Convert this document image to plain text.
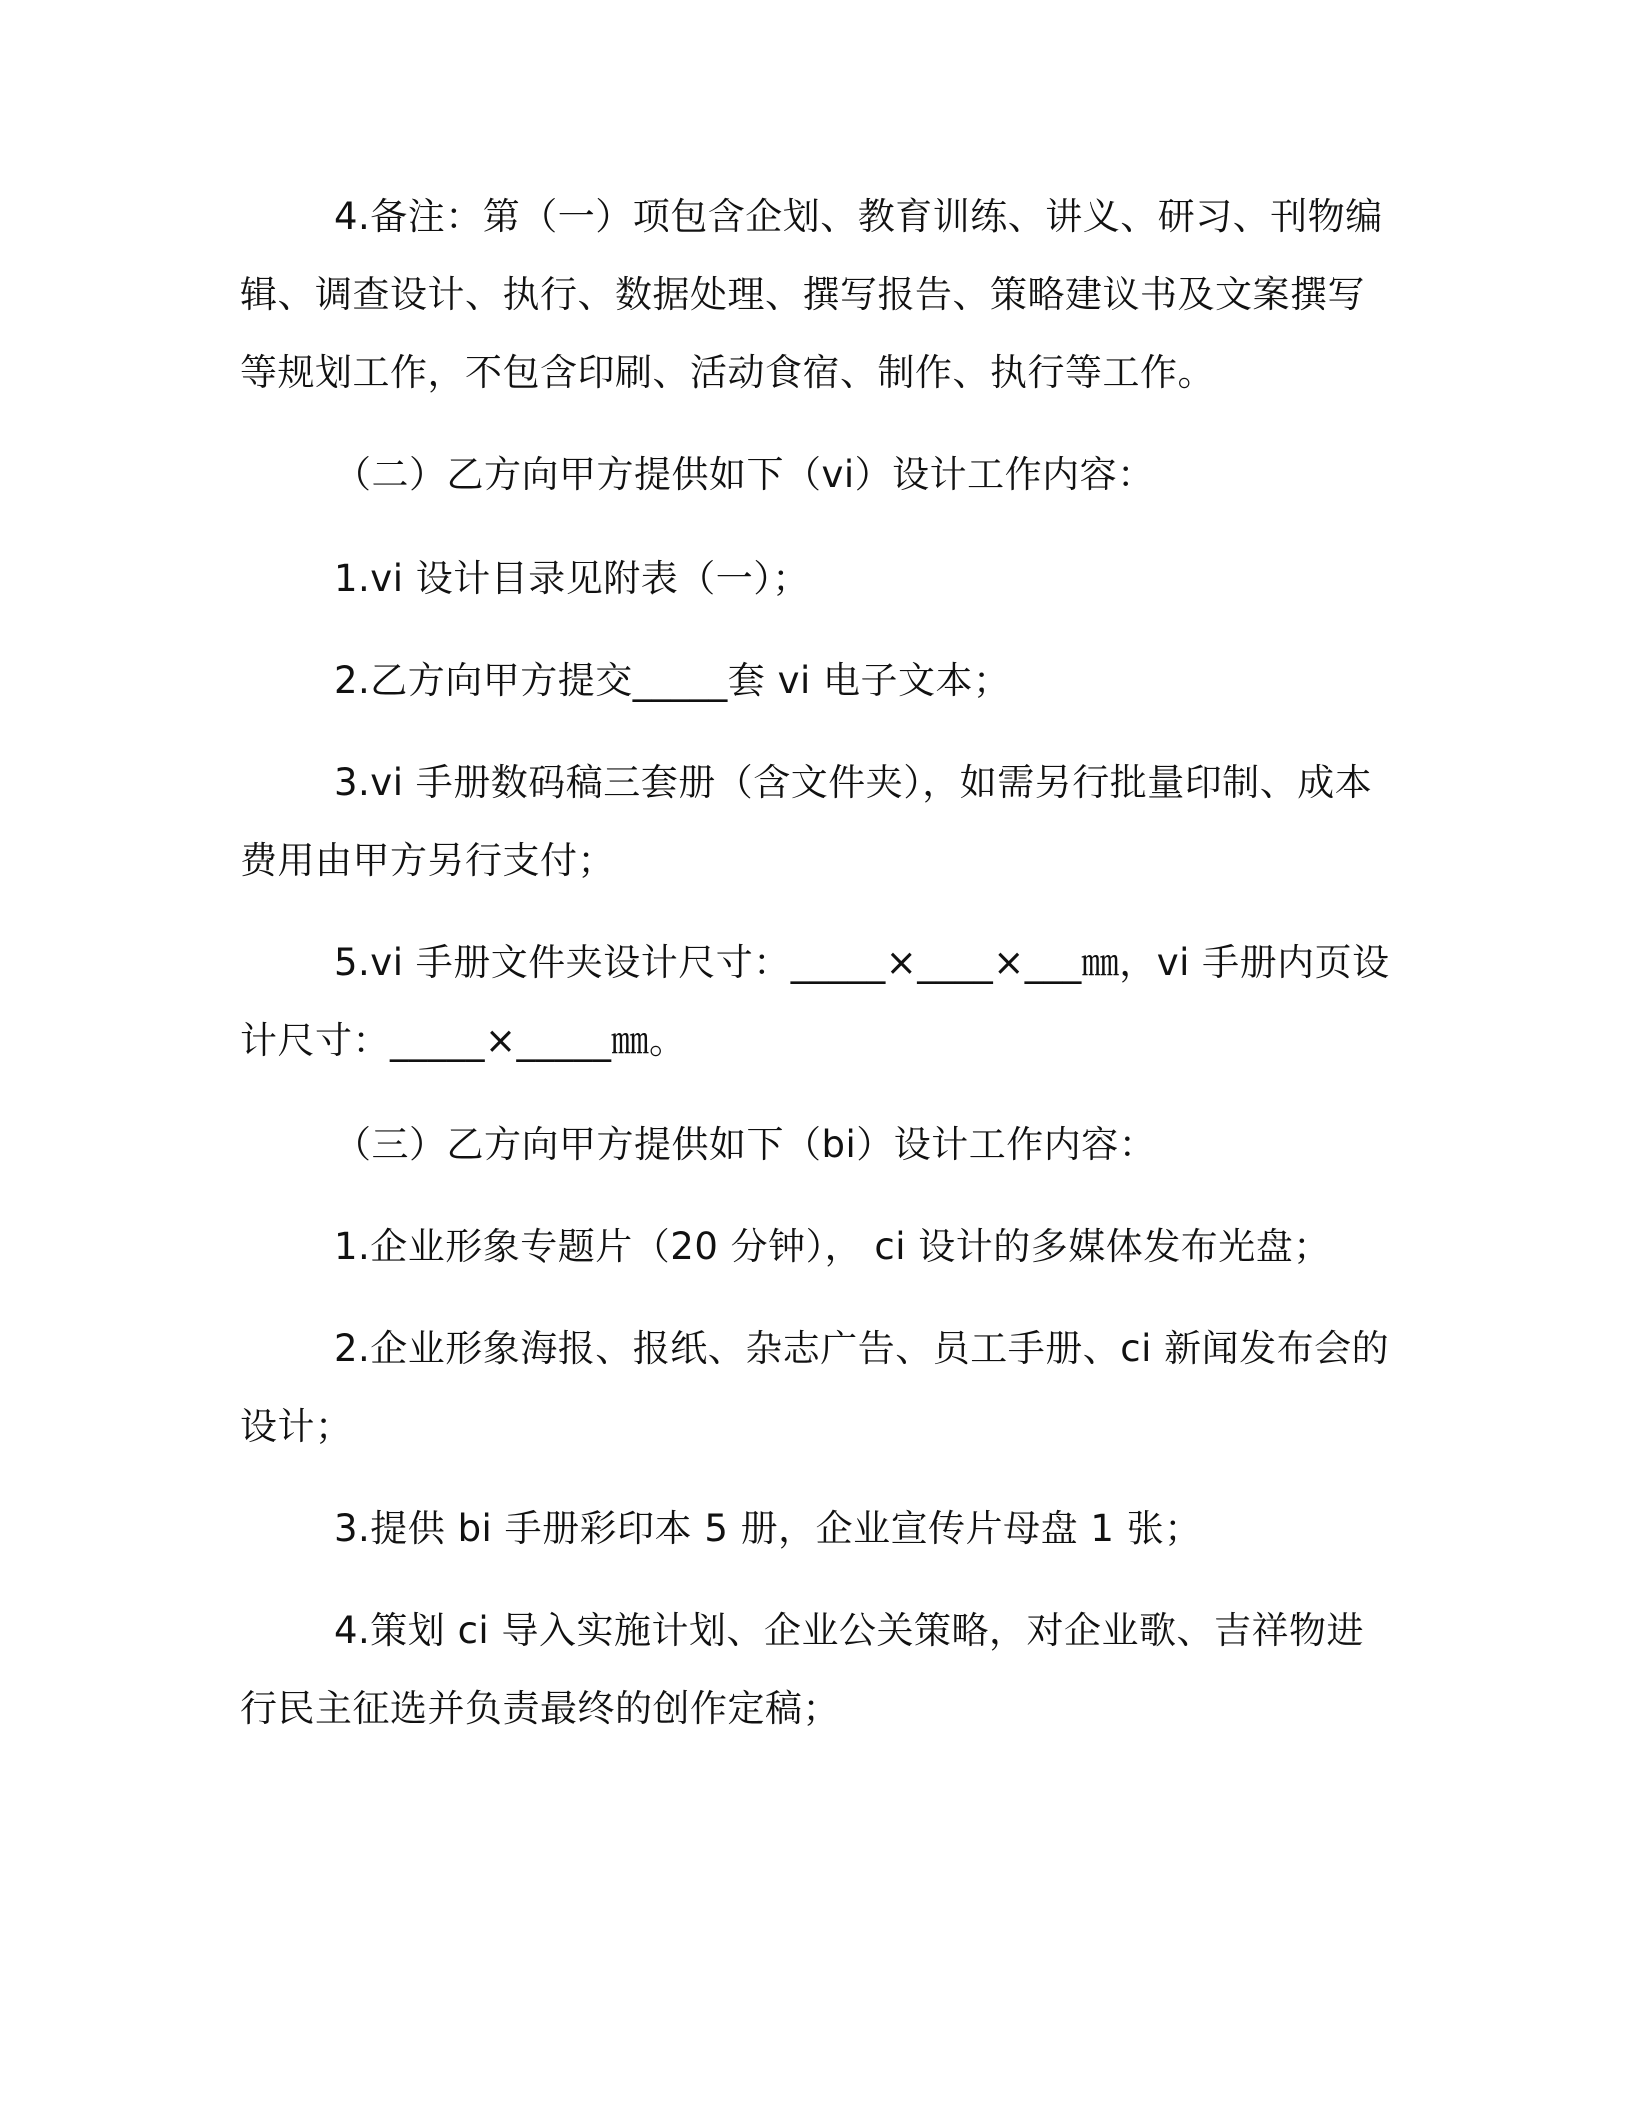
4.备注：第（一）项包含企划、教育训练、讲义、研习、刊物编辑、调查设计、执行、数据处理、撰写报告、策略建议书及文案撰写等规划工作，不包含印刷、活动食宿、制作、执行等工作。

（二）乙方向甲方提供如下（vi）设计工作内容：

1.vi 设计目录见附表（一）；

2.乙方向甲方提交_____套 vi 电子文本；

3.vi 手册数码稿三套册（含文件夹），如需另行批量印制、成本费用由甲方另行支付；

5.vi 手册文件夹设计尺寸：_____×____×___㎜，vi 手册内页设计尺寸：_____×_____㎜。

（三）乙方向甲方提供如下（bi）设计工作内容：

1.企业形象专题片（20 分钟）， ci 设计的多媒体发布光盘；

2.企业形象海报、报纸、杂志广告、员工手册、ci 新闻发布会的设计；

3.提供 bi 手册彩印本 5 册，企业宣传片母盘 1 张；

4.策划 ci 导入实施计划、企业公关策略，对企业歌、吉祥物进行民主征选并负责最终的创作定稿；
